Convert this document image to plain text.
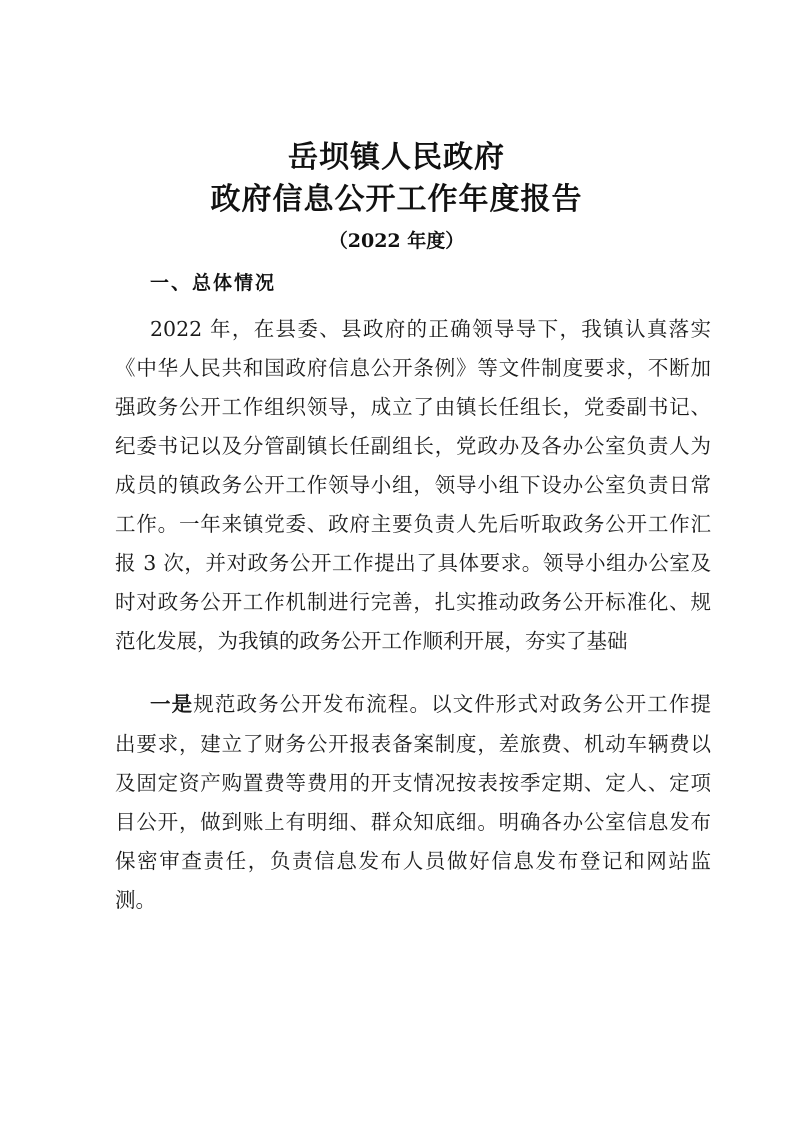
岳坝镇人民政府
政府信息公开工作年度报告
（2022 年度）
一、总体情况
2022 年，在县委、县政府的正确领导导下，我镇认真落实
《中华人民共和国政府信息公开条例》等文件制度要求，不断加
强政务公开工作组织领导，成立了由镇长任组长，党委副书记、
纪委书记以及分管副镇长任副组长，党政办及各办公室负责人为
成员的镇政务公开工作领导小组，领导小组下设办公室负责日常
工作。一年来镇党委、政府主要负责人先后听取政务公开工作汇
报 3 次，并对政务公开工作提出了具体要求。领导小组办公室及
时对政务公开工作机制进行完善，扎实推动政务公开标准化、规
范化发展，为我镇的政务公开工作顺利开展，夯实了基础
一是规范政务公开发布流程。以文件形式对政务公开工作提
出要求，建立了财务公开报表备案制度，差旅费、机动车辆费以
及固定资产购置费等费用的开支情况按表按季定期、定人、定项
目公开，做到账上有明细、群众知底细。明确各办公室信息发布
保密审查责任，负责信息发布人员做好信息发布登记和网站监
测。
